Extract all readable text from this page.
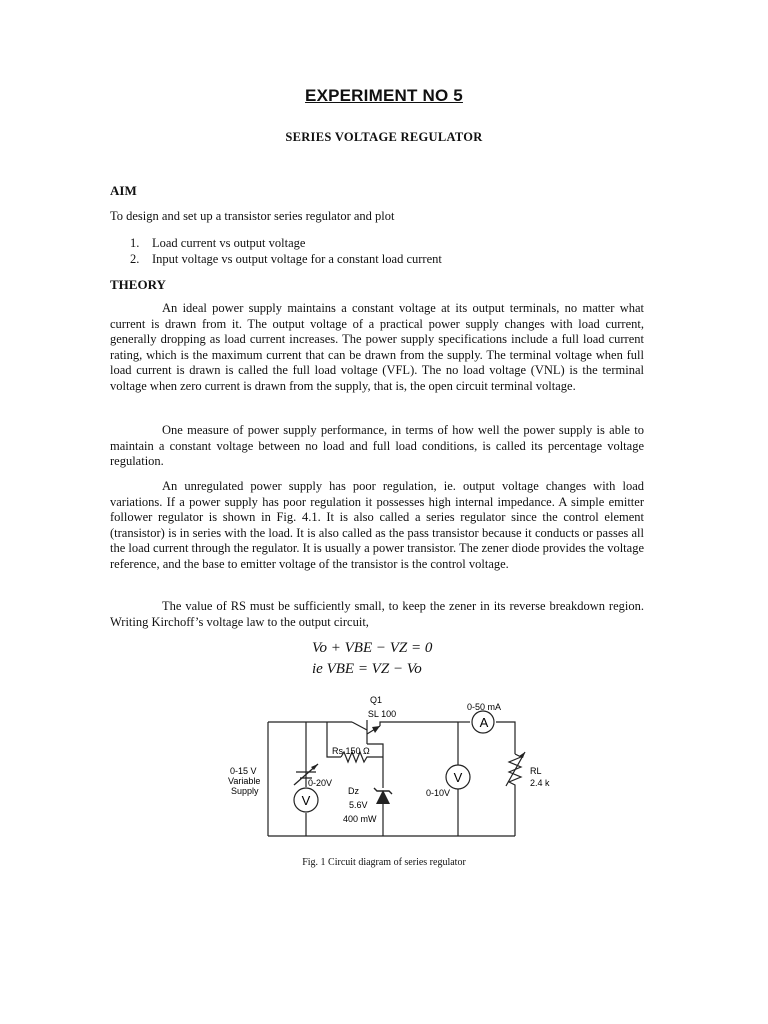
EXPERIMENT NO 5
SERIES VOLTAGE REGULATOR
AIM
To design and set up a transistor series regulator and plot
1. Load current vs output voltage
2. Input voltage vs output voltage for a constant load current
THEORY

An ideal power supply maintains a constant voltage at its output terminals, no matter what current is drawn from it. The output voltage of a practical power supply changes with load current, generally dropping as load current increases. The power supply specifications include a full load current rating, which is the maximum current that can be drawn from the supply. The terminal voltage when full load current is drawn is called the full load voltage (VFL). The no load voltage (VNL) is the terminal voltage when zero current is drawn from the supply, that is, the open circuit terminal voltage.

One measure of power supply performance, in terms of how well the power supply is able to maintain a constant voltage between no load and full load conditions, is called its percentage voltage regulation.

An unregulated power supply has poor regulation, ie. output voltage changes with load variations. If a power supply has poor regulation it possesses high internal impedance. A simple emitter follower regulator is shown in Fig. 4.1. It is also called a series regulator since the control element (transistor) is in series with the load. It is also called as the pass transistor because it conducts or passes all the load current through the regulator. It is usually a power transistor. The zener diode provides the voltage reference, and the base to emitter voltage of the transistor is the control voltage.

The value of RS must be sufficiently small, to keep the zener in its reverse breakdown region. Writing Kirchoff’s voltage law to the output circuit,

Vo + VBE − VZ = 0
ie VBE = VZ − Vo
A
V
V
Q1
SL 100
0-50 mA
Rs 150 Ω
0-15 V
Variable
Supply
0-20V
Dz
5.6V
400 mW
0-10V
RL
2.4 k
Fig. 1 Circuit diagram of series regulator
